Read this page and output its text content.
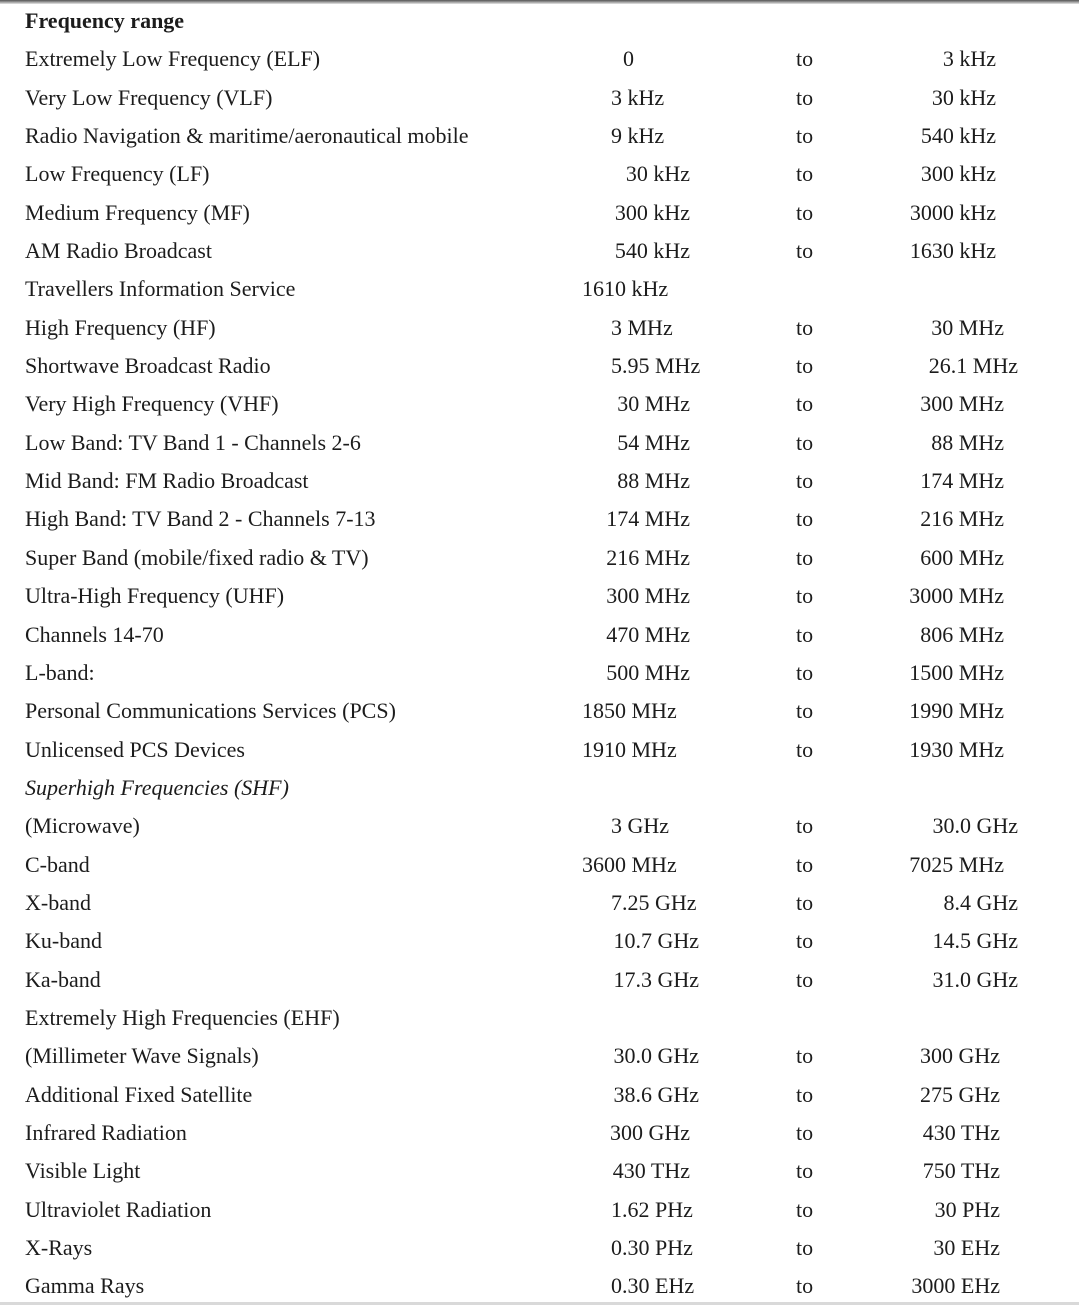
Frequency range
Extremely Low Frequency (ELF)	0	to	3 kHz
Very Low Frequency (VLF)	3 kHz	to	30 kHz
Radio Navigation & maritime/aeronautical mobile	9 kHz	to	540 kHz
Low Frequency (LF)	30 kHz	to	300 kHz
Medium Frequency (MF)	300 kHz	to	3000 kHz
AM Radio Broadcast	540 kHz	to	1630 kHz
Travellers Information Service	1610 kHz
High Frequency (HF)	3 MHz	to	30 MHz
Shortwave Broadcast Radio	5.95 MHz	to	26.1 MHz
Very High Frequency (VHF)	30 MHz	to	300 MHz
Low Band: TV Band 1 - Channels 2-6	54 MHz	to	88 MHz
Mid Band: FM Radio Broadcast	88 MHz	to	174 MHz
High Band: TV Band 2 - Channels 7-13	174 MHz	to	216 MHz
Super Band (mobile/fixed radio & TV)	216 MHz	to	600 MHz
Ultra-High Frequency (UHF)	300 MHz	to	3000 MHz
Channels 14-70	470 MHz	to	806 MHz
L-band:	500 MHz	to	1500 MHz
Personal Communications Services (PCS)	1850 MHz	to	1990 MHz
Unlicensed PCS Devices	1910 MHz	to	1930 MHz
Superhigh Frequencies (SHF)
(Microwave)	3 GHz	to	30.0 GHz
C-band	3600 MHz	to	7025 MHz
X-band	7.25 GHz	to	8.4 GHz
Ku-band	10.7 GHz	to	14.5 GHz
Ka-band	17.3 GHz	to	31.0 GHz
Extremely High Frequencies (EHF)
(Millimeter Wave Signals)	30.0 GHz	to	300 GHz
Additional Fixed Satellite	38.6 GHz	to	275 GHz
Infrared Radiation	300 GHz	to	430 THz
Visible Light	430 THz	to	750 THz
Ultraviolet Radiation	1.62 PHz	to	30 PHz
X-Rays	0.30 PHz	to	30 EHz
Gamma Rays	0.30 EHz	to	3000 EHz
